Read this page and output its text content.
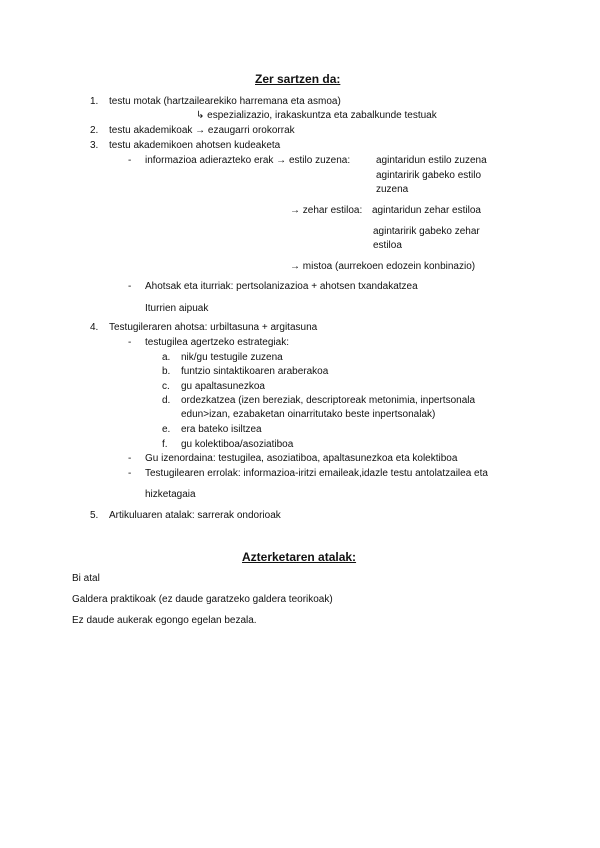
Zer sartzen da:
1. testu motak (hartzailearekiko harremana eta asmoa)
↳ espezializazio, irakaskuntza eta zabalkunde testuak
2. testu akademikoak → ezaugarri orokorrak
3. testu akademikoen ahotsen kudeaketa
- informazioa adierazteko erak → estilo zuzena:	agintaridun estilo zuzena
agintaririk gabeko estilo
zuzena
→ zehar estiloa: agintaridun zehar estiloa
agintaririk gabeko zehar
estiloa
→ mistoa (aurrekoen edozein konbinazio)
- Ahotsak eta iturriak: pertsolanizazioa + ahotsen txandakatzea
Iturrien aipuak
4. Testugileraren ahotsa: urbiltasuna + argitasuna
- testugilea agertzeko estrategiak:
a. nik/gu testugile zuzena
b. funtzio sintaktikoaren araberakoa
c. gu apaltasunezkoa
d. ordezkatzea (izen bereziak, descriptoreak metonimia, inpertsonala
edun>izan, ezabaketan oinarritutako beste inpertsonalak)
e. era bateko isiltzea
f. gu kolektiboa/asoziatiboa
- Gu izenordaina: testugilea, asoziatiboa, apaltasunezkoa eta kolektiboa
- Testugilearen errolak: informazioa-iritzi emaileak,idazle testu antolatzailea eta
hizketagaia
5. Artikuluaren atalak: sarrerak ondorioak
Azterketaren atalak:
Bi atal
Galdera praktikoak (ez daude garatzeko galdera teorikoak)
Ez daude aukerak egongo egelan bezala.
